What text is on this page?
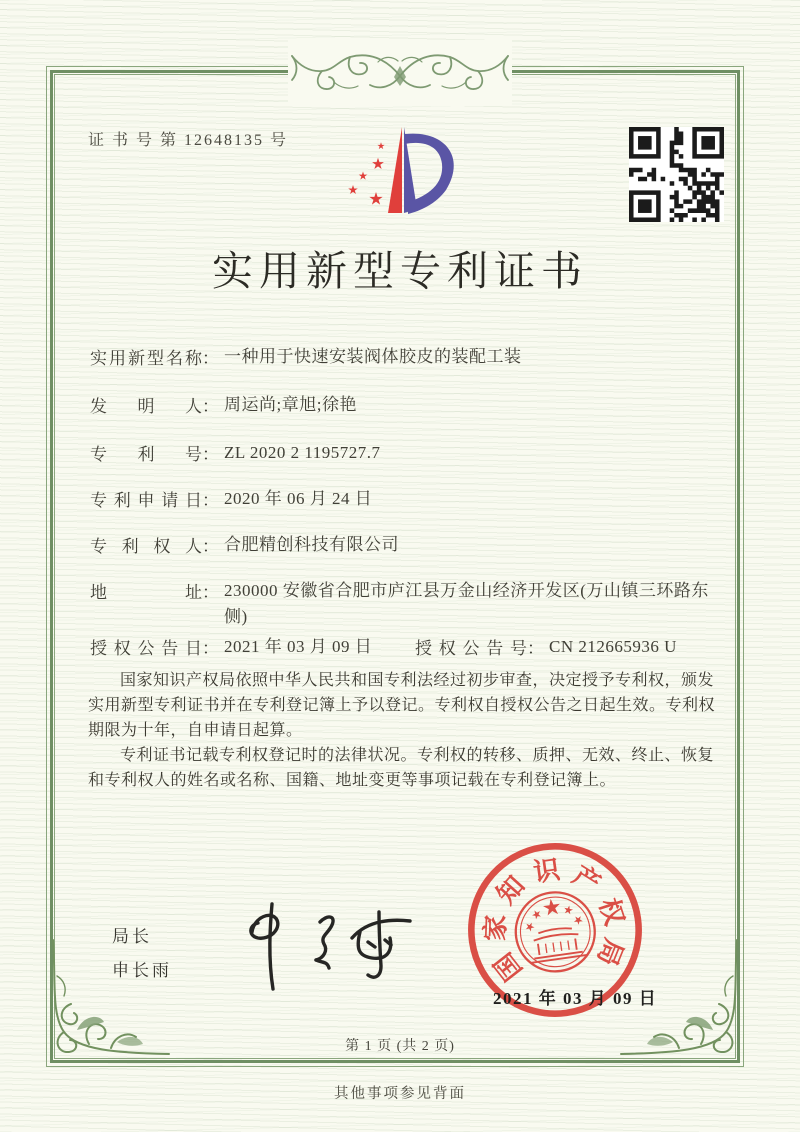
证 书 号 第 12648135 号
实用新型专利证书
实用新型名称 ： 一种用于快速安装阀体胶皮的装配工装
发明人 ： 周运尚;章旭;徐艳
专利号 ： ZL 2020 2 1195727.7
专利申请日 ： 2020 年 06 月 24 日
专利权人 ： 合肥精创科技有限公司
地址 ： 230000 安徽省合肥市庐江县万金山经济开发区(万山镇三环路东侧)
授权公告日 ： 2021 年 03 月 09 日	授权公告号 ： CN 212665936 U

国家知识产权局依照中华人民共和国专利法经过初步审查，决定授予专利权，颁发实用新型专利证书并在专利登记簿上予以登记。专利权自授权公告之日起生效。专利权期限为十年，自申请日起算。

专利证书记载专利权登记时的法律状况。专利权的转移、质押、无效、终止、恢复和专利权人的姓名或名称、国籍、地址变更等事项记载在专利登记簿上。

局长
申长雨	国
家
知 识 产
权
局
2021 年 03 月 09 日
第 1 页 (共 2 页)
其他事项参见背面
